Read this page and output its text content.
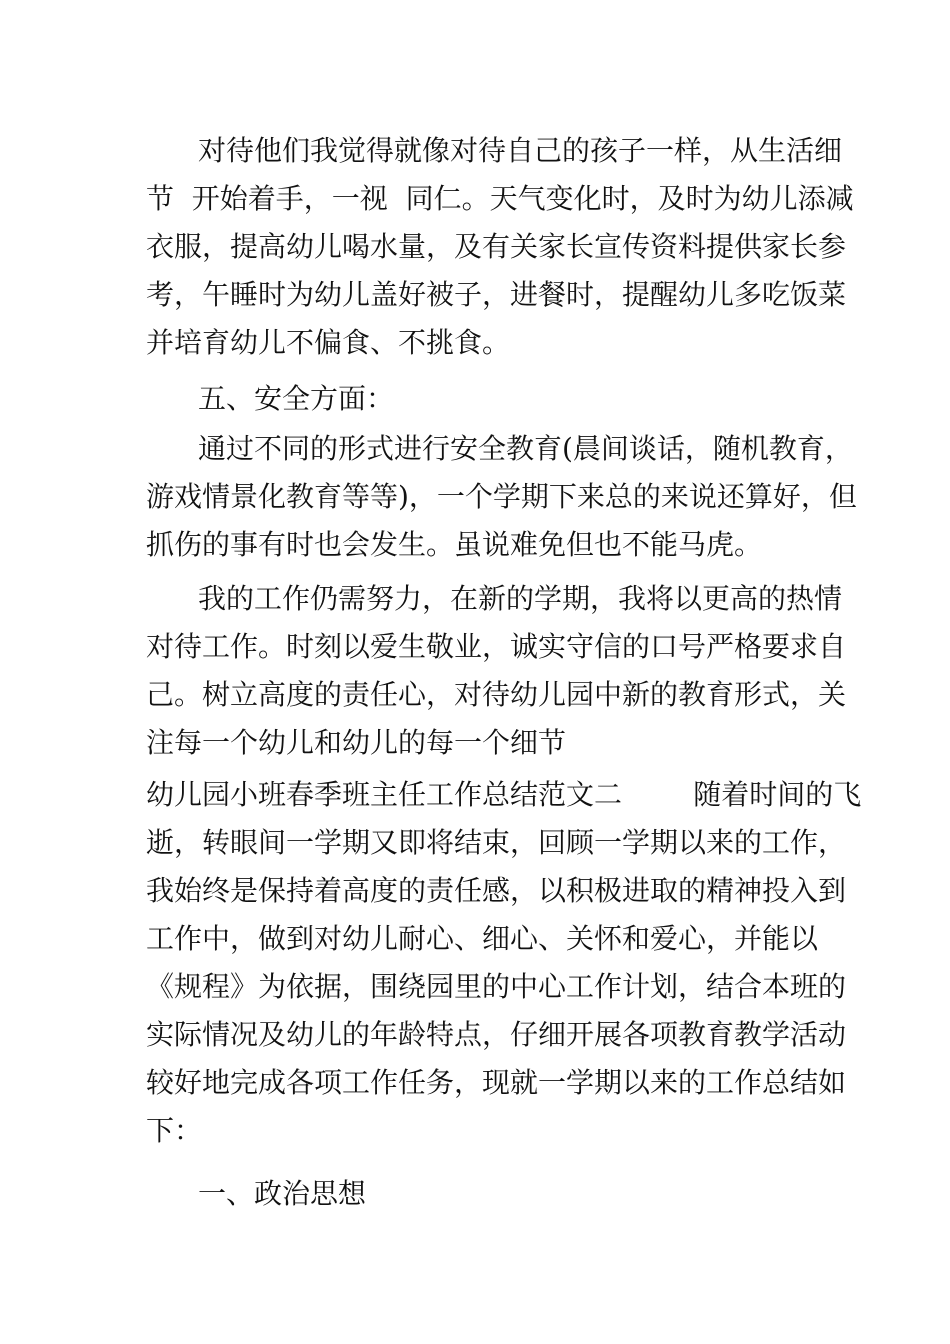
对待他们我觉得就像对待自己的孩子一样，从生活细
节  开始着手，一视  同仁。天气变化时，及时为幼儿添减
衣服，提高幼儿喝水量，及有关家长宣传资料提供家长参
考，午睡时为幼儿盖好被子，进餐时，提醒幼儿多吃饭菜
并培育幼儿不偏食、不挑食。
五、安全方面：
通过不同的形式进行安全教育(晨间谈话，随机教育，
游戏情景化教育等等)，一个学期下来总的来说还算好，但
抓伤的事有时也会发生。虽说难免但也不能马虎。
我的工作仍需努力，在新的学期，我将以更高的热情
对待工作。时刻以爱生敬业，诚实守信的口号严格要求自
己。树立高度的责任心，对待幼儿园中新的教育形式，关
注每一个幼儿和幼儿的每一个细节
幼儿园小班春季班主任工作总结范文二        随着时间的飞
逝，转眼间一学期又即将结束，回顾一学期以来的工作，
我始终是保持着高度的责任感，以积极进取的精神投入到
工作中，做到对幼儿耐心、细心、关怀和爱心，并能以
《规程》为依据，围绕园里的中心工作计划，结合本班的
实际情况及幼儿的年龄特点，仔细开展各项教育教学活动
较好地完成各项工作任务，现就一学期以来的工作总结如
下：
一、政治思想
